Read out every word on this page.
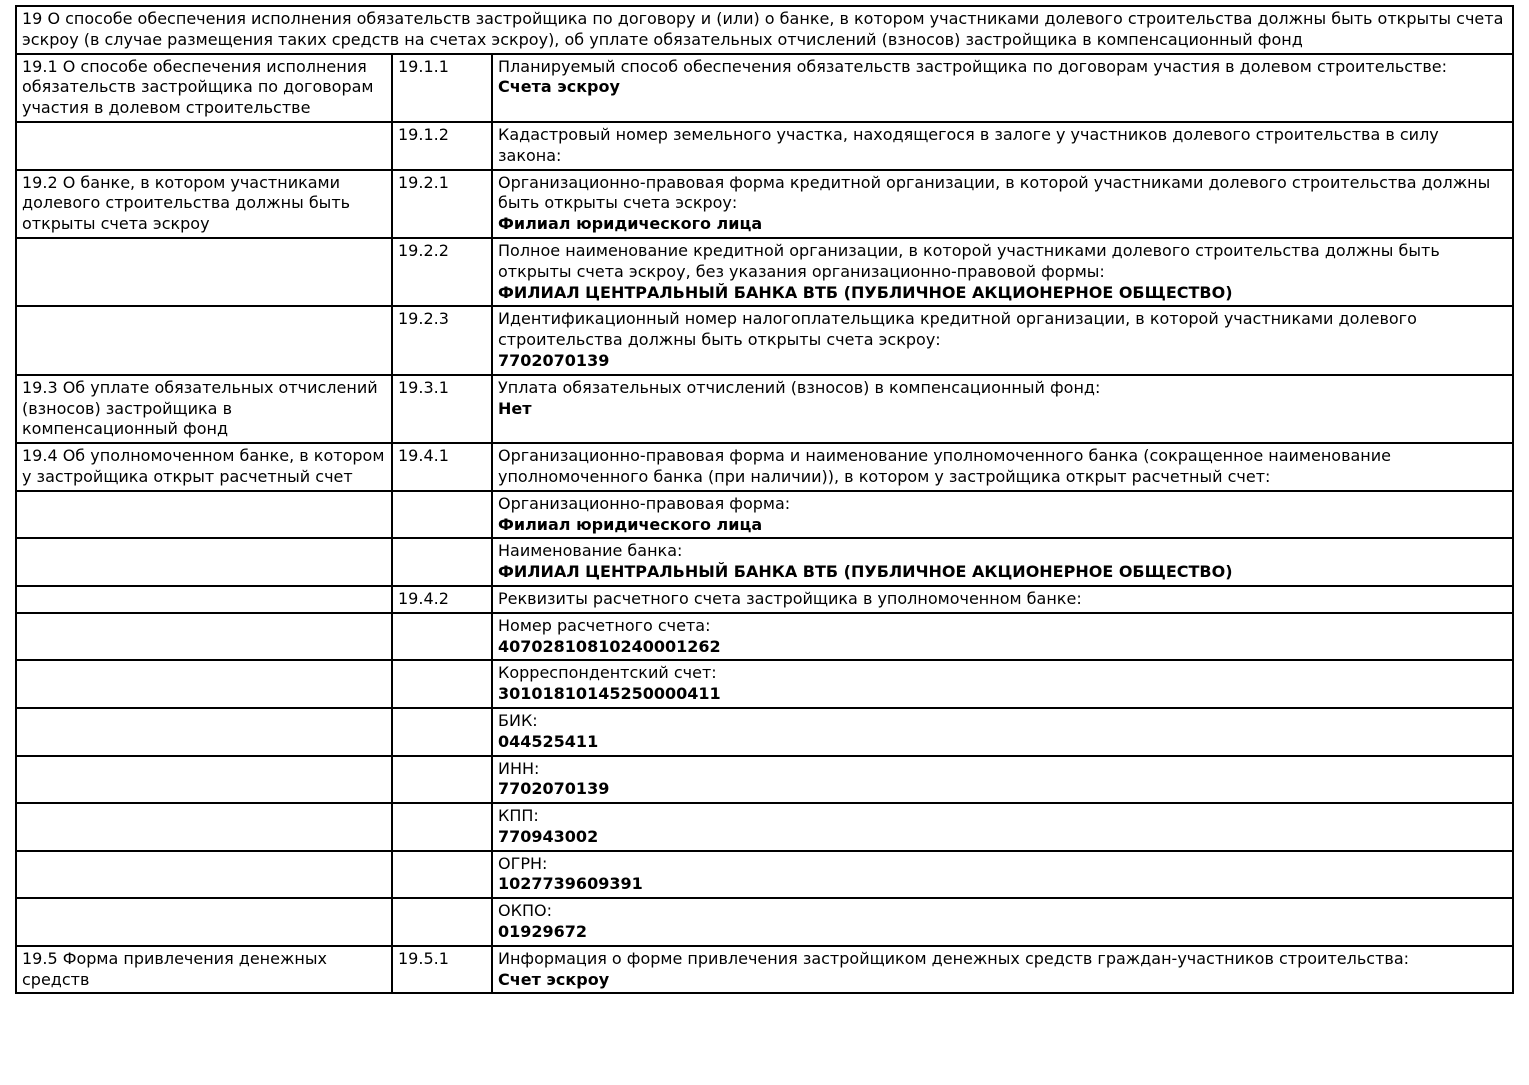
19 О способе обеспечения исполнения обязательств застройщика по договору и (или) о банке, в котором участниками долевого строительства должны быть открыты счета эскроу (в случае размещения таких средств на счетах эскроу), об уплате обязательных отчислений (взносов) застройщика в компенсационный фонд		
19.1 О способе обеспечения исполнения обязательств застройщика по договорам участия в долевом строительстве	19.1.1	Планируемый способ обеспечения обязательств застройщика по договорам участия в долевом строительстве:
Счета эскроу

	19.1.2	Кадастровый номер земельного участка, находящегося в залоге у участников долевого строительства в силу закона:

19.2 О банке, в котором участниками долевого строительства должны быть открыты счета эскроу	19.2.1	Организационно-правовая форма кредитной организации, в которой участниками долевого строительства должны быть открыты счета эскроу:
Филиал юридического лица

	19.2.2	Полное наименование кредитной организации, в которой участниками долевого строительства должны быть открыты счета эскроу, без указания организационно-правовой формы:
ФИЛИАЛ ЦЕНТРАЛЬНЫЙ БАНКА ВТБ (ПУБЛИЧНОЕ АКЦИОНЕРНОЕ ОБЩЕСТВО)

	19.2.3	Идентификационный номер налогоплательщика кредитной организации, в которой участниками долевого строительства должны быть открыты счета эскроу:
7702070139

19.3 Об уплате обязательных отчислений (взносов) застройщика в компенсационный фонд	19.3.1	Уплата обязательных отчислений (взносов) в компенсационный фонд:
Нет

19.4 Об уполномоченном банке, в котором у застройщика открыт расчетный счет	19.4.1	Организационно-правовая форма и наименование уполномоченного банка (сокращенное наименование уполномоченного банка (при наличии)), в котором у застройщика открыт расчетный счет:

		Организационно-правовая форма:
Филиал юридического лица

		Наименование банка:
ФИЛИАЛ ЦЕНТРАЛЬНЫЙ БАНКА ВТБ (ПУБЛИЧНОЕ АКЦИОНЕРНОЕ ОБЩЕСТВО)

	19.4.2	Реквизиты расчетного счета застройщика в уполномоченном банке:

		Номер расчетного счета:
40702810810240001262

		Корреспондентский счет:
30101810145250000411

		БИК:
044525411

		ИНН:
7702070139

		КПП:
770943002

		ОГРН:
1027739609391

		ОКПО:
01929672

19.5 Форма привлечения денежных средств	19.5.1	Информация о форме привлечения застройщиком денежных средств граждан-участников строительства:
Счет эскроу
